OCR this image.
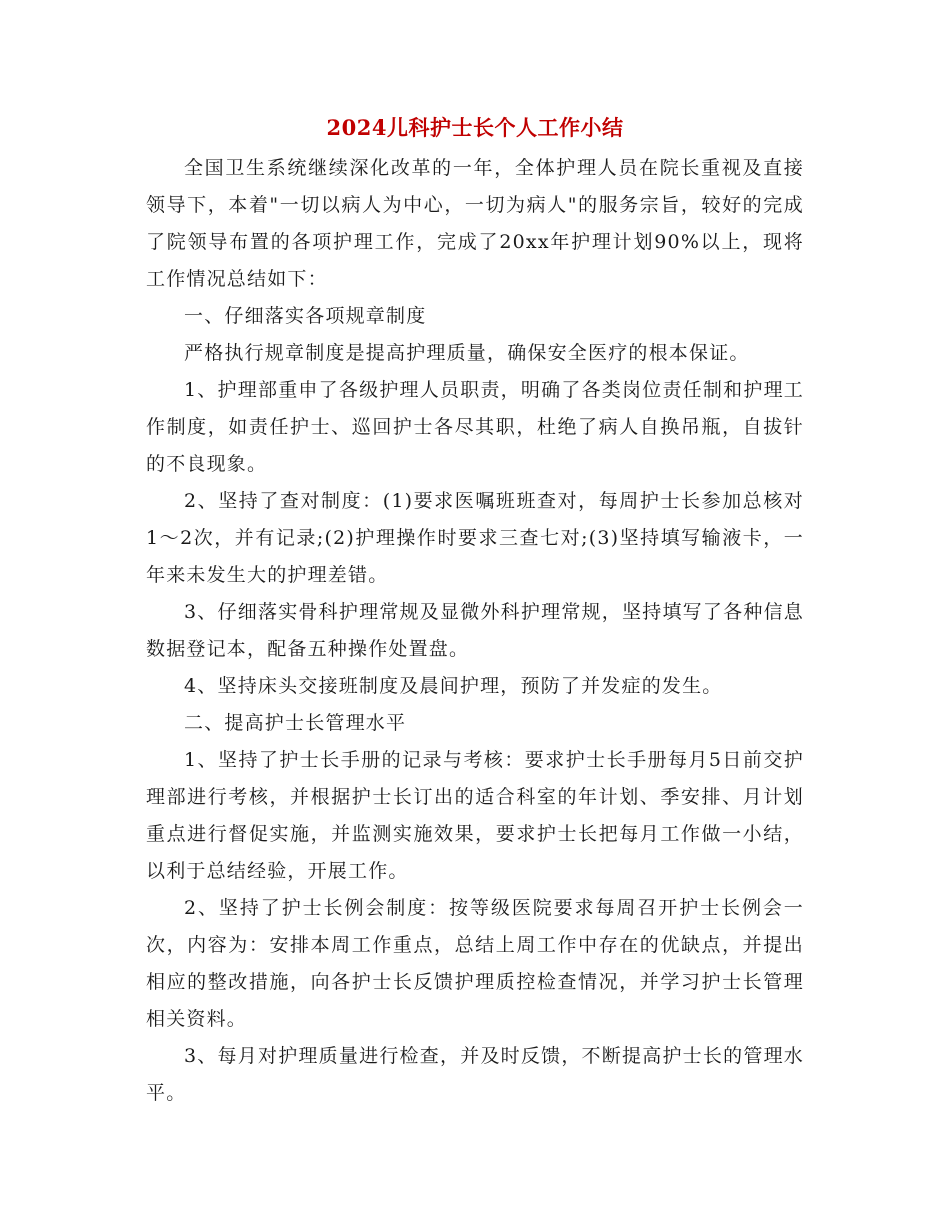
2024儿科护士长个人工作小结

全国卫生系统继续深化改革的一年，全体护理人员在院长重视及直接领导下，本着"一切以病人为中心，一切为病人"的服务宗旨，较好的完成了院领导布置的各项护理工作，完成了20xx年护理计划90%以上，现将工作情况总结如下：

一、仔细落实各项规章制度

严格执行规章制度是提高护理质量，确保安全医疗的根本保证。

1、护理部重申了各级护理人员职责，明确了各类岗位责任制和护理工作制度，如责任护士、巡回护士各尽其职，杜绝了病人自换吊瓶，自拔针的不良现象。

2、坚持了查对制度：(1)要求医嘱班班查对，每周护士长参加总核对1～2次，并有记录;(2)护理操作时要求三查七对;(3)坚持填写输液卡，一年来未发生大的护理差错。

3、仔细落实骨科护理常规及显微外科护理常规，坚持填写了各种信息数据登记本，配备五种操作处置盘。

4、坚持床头交接班制度及晨间护理，预防了并发症的发生。

二、提高护士长管理水平

1、坚持了护士长手册的记录与考核：要求护士长手册每月5日前交护理部进行考核，并根据护士长订出的适合科室的年计划、季安排、月计划重点进行督促实施，并监测实施效果，要求护士长把每月工作做一小结，以利于总结经验，开展工作。

2、坚持了护士长例会制度：按等级医院要求每周召开护士长例会一次，内容为：安排本周工作重点，总结上周工作中存在的优缺点，并提出相应的整改措施，向各护士长反馈护理质控检查情况，并学习护士长管理相关资料。

3、每月对护理质量进行检查，并及时反馈，不断提高护士长的管理水平。
